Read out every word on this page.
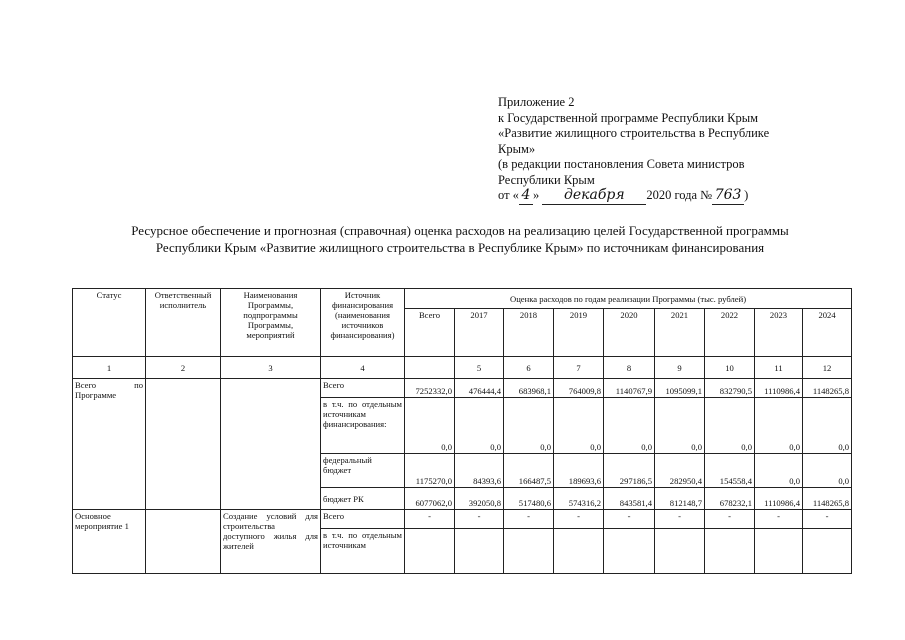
Приложение 2
к Государственной программе Республики Крым
«Развитие жилищного строительства в Республике
Крым»
(в редакции постановления Совета министров
Республики Крым
от « 4 » декабря 2020 года № 763 )
Ресурсное обеспечение и прогнозная (справочная) оценка расходов на реализацию целей Государственной программы
Республики Крым «Развитие жилищного строительства в Республике Крым» по источникам финансирования
Статус	Ответственный исполнитель	Наименования Программы, подпрограммы Программы, мероприятий	Источник финансирования (наименования источников финансирования)	Оценка расходов по годам реализации Программы (тыс. рублей)								
				Всего	2017	2018	2019	2020	2021	2022	2023	2024
1	2	3	4		5	6	7	8	9	10	11	12
Всего по Программе			Всего	7252332,0	476444,4	683968,1	764009,8	1140767,9	1095099,1	832790,5	1110986,4	1148265,8
			в т.ч. по отдельным источникам финансирования:	0,0	0,0	0,0	0,0	0,0	0,0	0,0	0,0	0,0
			федеральный бюджет	1175270,0	84393,6	166487,5	189693,6	297186,5	282950,4	154558,4	0,0	0,0
			бюджет РК	6077062,0	392050,8	517480,6	574316,2	843581,4	812148,7	678232,1	1110986,4	1148265,8
Основное мероприятие 1		Создание условий для строительства доступного жилья для жителей	Всего	-	-	-	-	-	-	-	-	-
			в т.ч. по отдельным источникам									
